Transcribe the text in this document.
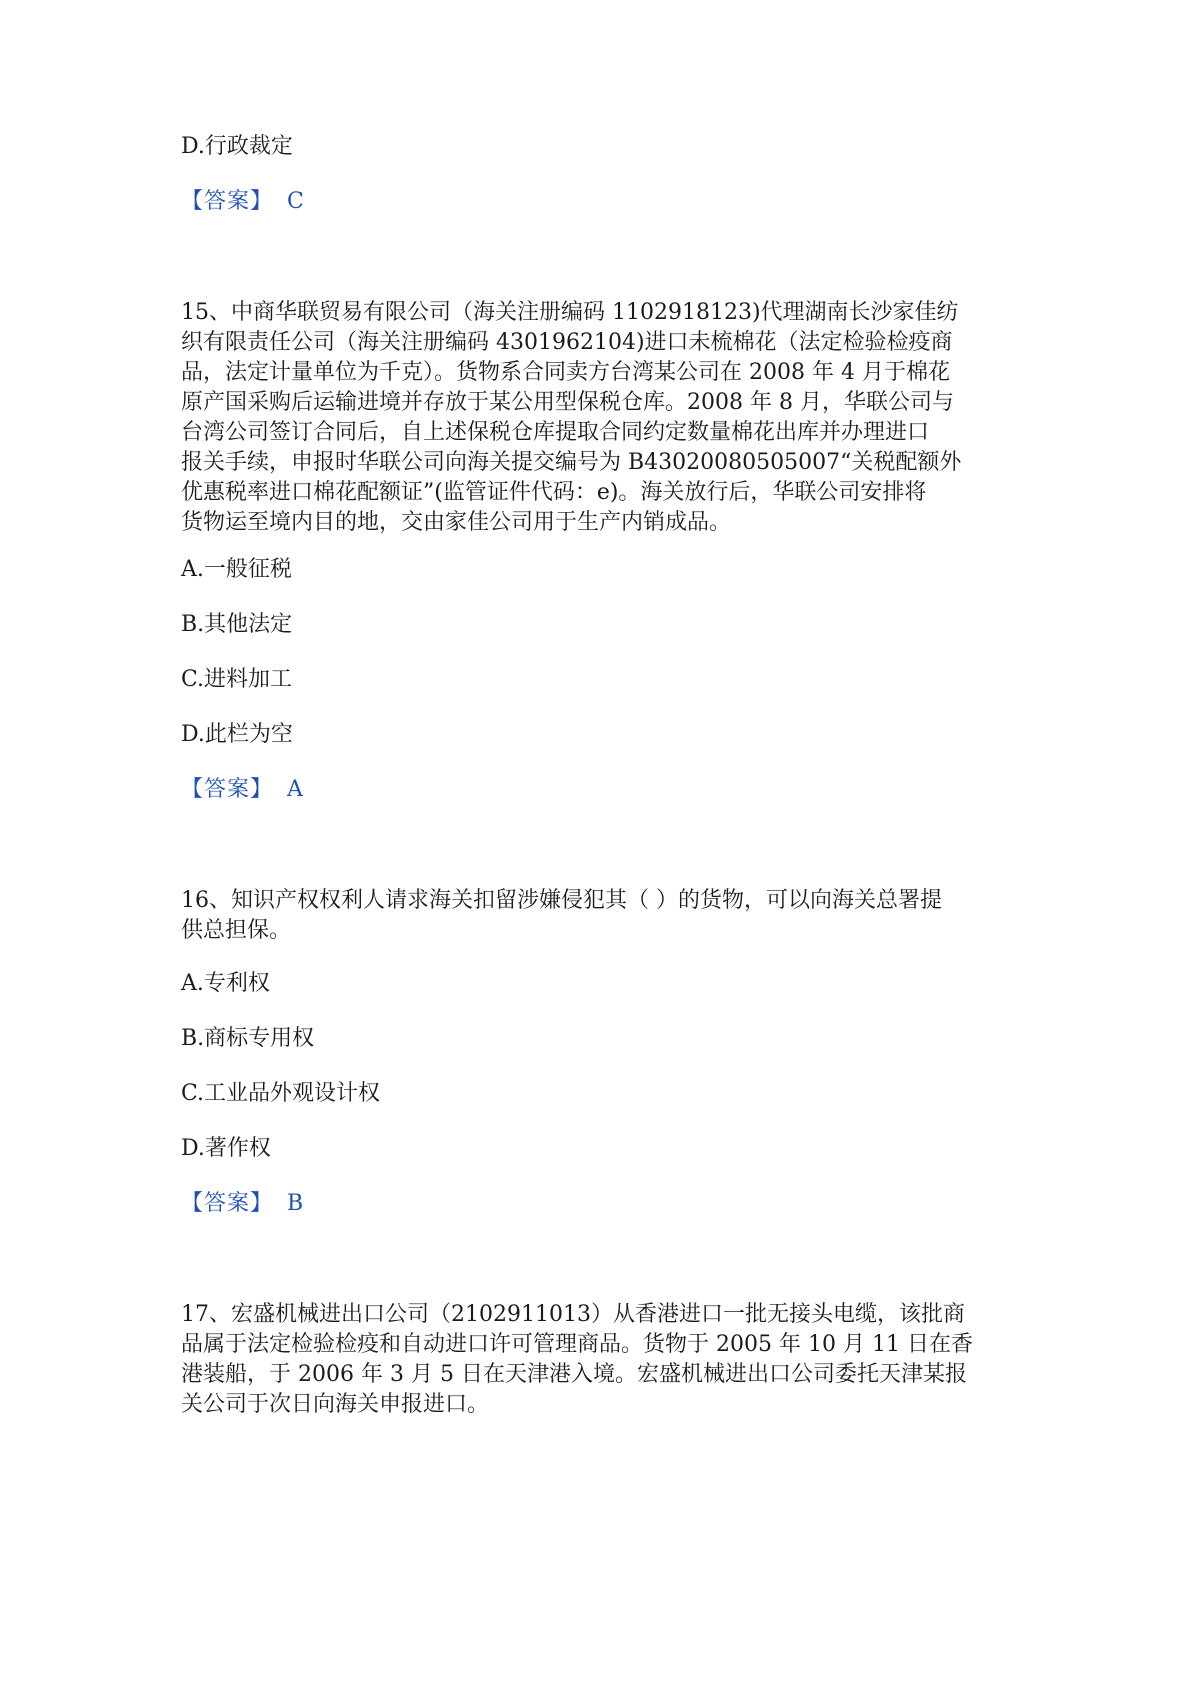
D.行政裁定
【答案】 C
15、中商华联贸易有限公司（海关注册编码 1102918123)代理湖南长沙家佳纺
织有限责任公司（海关注册编码 4301962104)进口未梳棉花（法定检验检疫商
品，法定计量单位为千克）。货物系合同卖方台湾某公司在 2008 年 4 月于棉花
原产国采购后运输进境并存放于某公用型保税仓库。2008 年 8 月，华联公司与
台湾公司签订合同后，自上述保税仓库提取合同约定数量棉花出库并办理进口
报关手续，申报时华联公司向海关提交编号为 B43020080505007“关税配额外
优惠税率进口棉花配额证”(监管证件代码：e)。海关放行后，华联公司安排将
货物运至境内目的地，交由家佳公司用于生产内销成品。
A.一般征税
B.其他法定
C.进料加工
D.此栏为空
【答案】 A
16、知识产权权利人请求海关扣留涉嫌侵犯其（ ）的货物，可以向海关总署提
供总担保。
A.专利权
B.商标专用权
C.工业品外观设计权
D.著作权
【答案】 B
17、宏盛机械进出口公司（2102911013）从香港进口一批无接头电缆，该批商
品属于法定检验检疫和自动进口许可管理商品。货物于 2005 年 10 月 11 日在香
港装船，于 2006 年 3 月 5 日在天津港入境。宏盛机械进出口公司委托天津某报
关公司于次日向海关申报进口。
